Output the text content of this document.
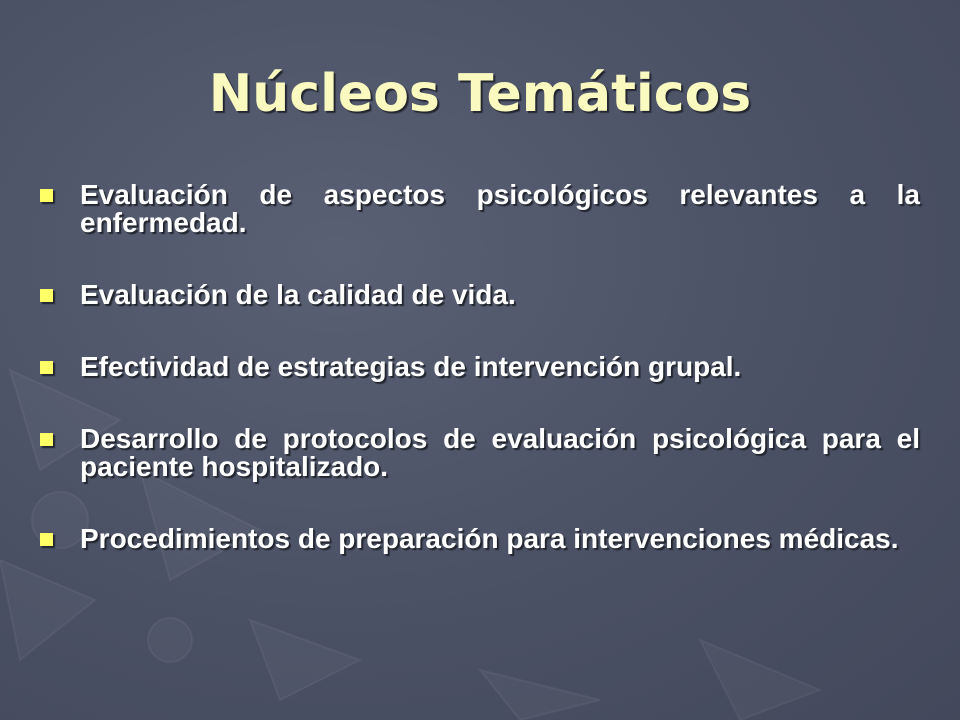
Núcleos Temáticos
Evaluación de aspectos psicológicos relevantes a la enfermedad.
Evaluación de la calidad de vida.
Efectividad de estrategias de intervención grupal.
Desarrollo de protocolos de evaluación psicológica para el paciente hospitalizado.
Procedimientos de preparación para intervenciones médicas.
